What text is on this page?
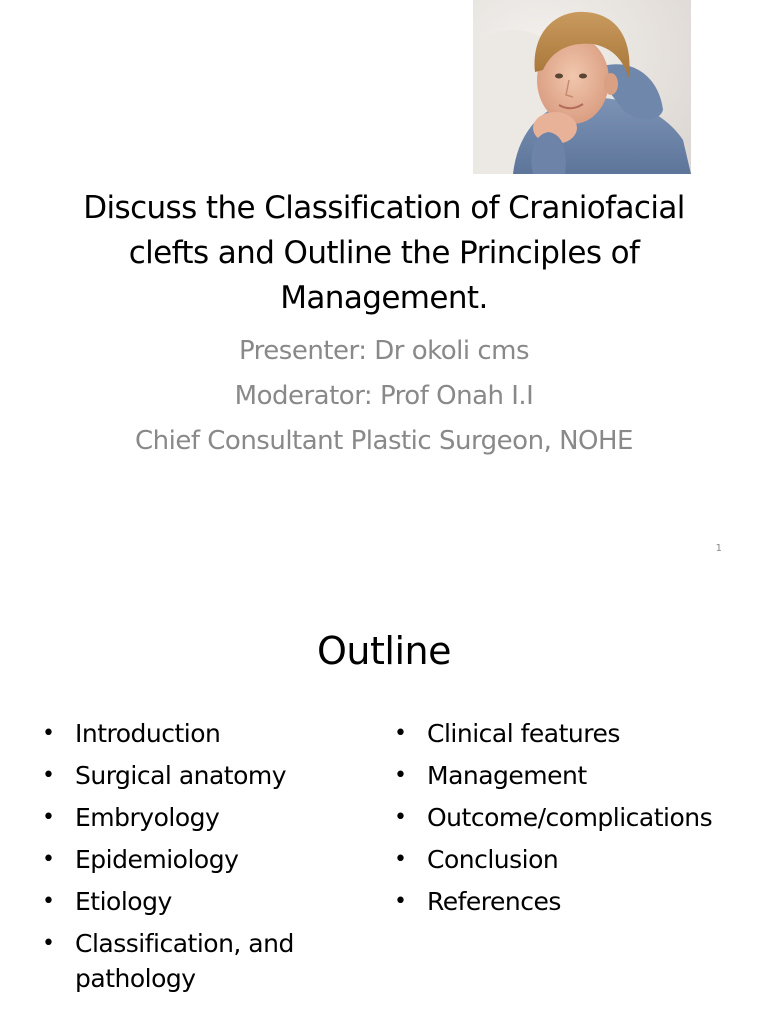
Discuss the Classification of Craniofacial
clefts and Outline the Principles of
Management.
Presenter: Dr okoli cms
Moderator: Prof Onah I.I
Chief Consultant Plastic Surgeon, NOHE
1
Outline
• Introduction
• Surgical anatomy
• Embryology
• Epidemiology
• Etiology
• Classification, and pathology
• Clinical features
• Management
• Outcome/complications
• Conclusion
• References
